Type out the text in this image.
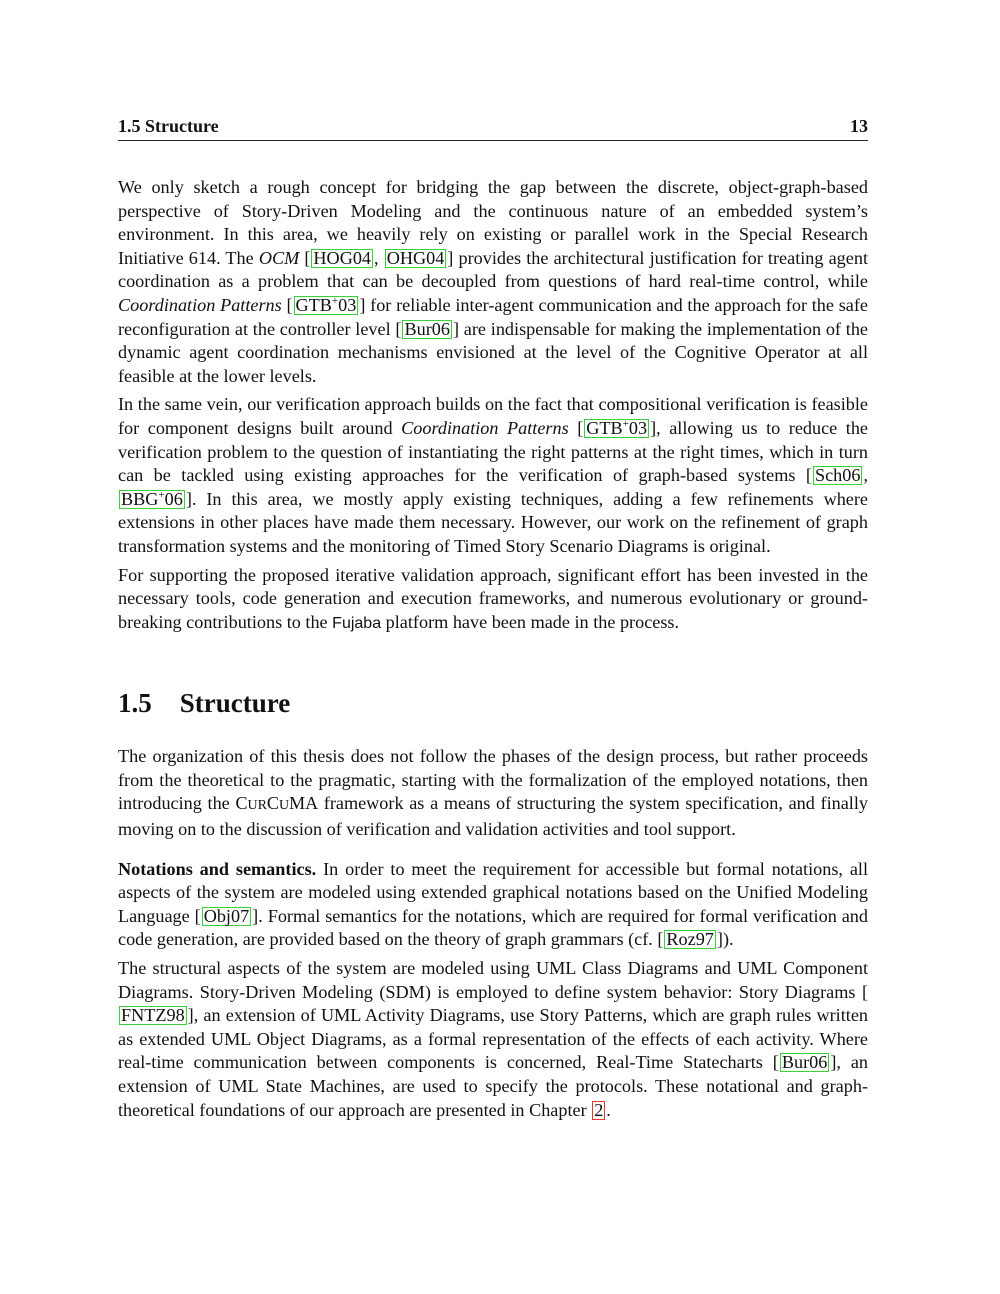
1.5 Structure	13

We only sketch a rough concept for bridging the gap between the discrete, object-graph-based perspective of Story-Driven Modeling and the continuous nature of an embedded system’s environment. In this area, we heavily rely on existing or parallel work in the Special Research Initiative 614. The OCM [ HOG04 , OHG04 ] provides the architectural justification for treating agent coordination as a problem that can be decoupled from questions of hard real-time control, while Coordination Patterns [ GTB+03 ] for reliable inter-agent communication and the approach for the safe reconfiguration at the controller level [ Bur06 ] are indispensable for making the implementation of the dynamic agent coordination mechanisms envisioned at the level of the Cognitive Operator at all feasible at the lower levels.

In the same vein, our verification approach builds on the fact that compositional verification is feasible for component designs built around Coordination Patterns [ GTB+03 ], allowing us to reduce the verification problem to the question of instantiating the right patterns at the right times, which in turn can be tackled using existing approaches for the verification of graph-based systems [ Sch06 , BBG+06 ]. In this area, we mostly apply existing techniques, adding a few refinements where extensions in other places have made them necessary. However, our work on the refinement of graph transformation systems and the monitoring of Timed Story Scenario Diagrams is original.

For supporting the proposed iterative validation approach, significant effort has been invested in the necessary tools, code generation and execution frameworks, and numerous evolutionary or ground-breaking contributions to the Fujaba platform have been made in the process.

1.5 Structure

The organization of this thesis does not follow the phases of the design process, but rather proceeds from the theoretical to the pragmatic, starting with the formalization of the employed notations, then introducing the CURCUMA framework as a means of structuring the system specification, and finally moving on to the discussion of verification and validation activities and tool support.

Notations and semantics. In order to meet the requirement for accessible but formal notations, all aspects of the system are modeled using extended graphical notations based on the Unified Modeling Language [ Obj07 ]. Formal semantics for the notations, which are required for formal verification and code generation, are provided based on the theory of graph grammars (cf. [ Roz97 ]).

The structural aspects of the system are modeled using UML Class Diagrams and UML Component Diagrams. Story-Driven Modeling (SDM) is employed to define system behavior: Story Diagrams [FNTZ98 ], an extension of UML Activity Diagrams, use Story Patterns, which are graph rules written as extended UML Object Diagrams, as a formal representation of the effects of each activity. Where real-time communication between components is concerned, Real-Time Statecharts [ Bur06 ], an extension of UML State Machines, are used to specify the protocols. These notational and graph-theoretical foundations of our approach are presented in Chapter 2 .
